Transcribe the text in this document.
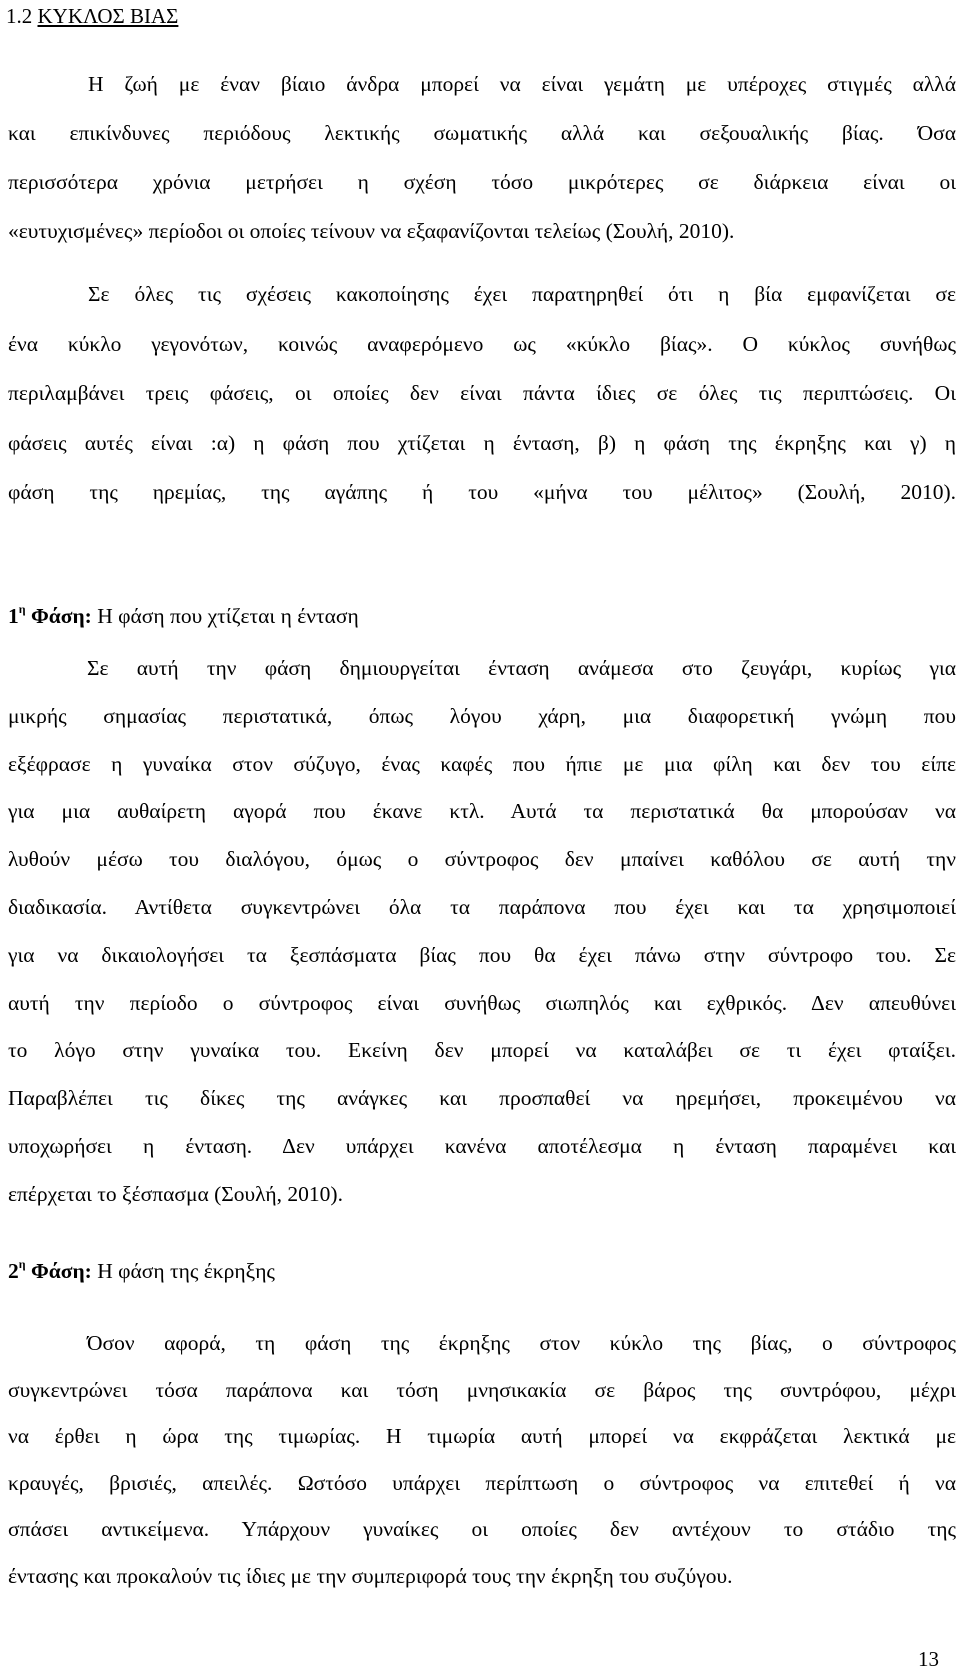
1.2 ΚΥΚΛΟΣ ΒΙΑΣ

Η ζωή με έναν βίαιο άνδρα μπορεί να είναι γεμάτη με υπέροχες στιγμές αλλά
και επικίνδυνες περιόδους λεκτικής σωματικής αλλά και σεξουαλικής βίας. Όσα
περισσότερα χρόνια μετρήσει η σχέση τόσο μικρότερες σε διάρκεια είναι οι
«ευτυχισμένες» περίοδοι οι οποίες τείνουν να εξαφανίζονται τελείως (Σουλή, 2010).

Σε όλες τις σχέσεις κακοποίησης έχει παρατηρηθεί ότι η βία εμφανίζεται σε
ένα κύκλο γεγονότων, κοινώς αναφερόμενο ως «κύκλο βίας». Ο κύκλος συνήθως
περιλαμβάνει τρεις φάσεις, οι οποίες δεν είναι πάντα ίδιες σε όλες τις περιπτώσεις. Οι
φάσεις αυτές είναι :α) η φάση που χτίζεται η ένταση, β) η φάση της έκρηξης και γ) η
φάση της ηρεμίας, της αγάπης ή του «μήνα του μέλιτος» (Σουλή, 2010).

$1^\eta$ Φάση: Η φάση που χτίζεται η ένταση

Σε αυτή την φάση δημιουργείται ένταση ανάμεσα στο ζευγάρι, κυρίως για
μικρής σημασίας περιστατικά, όπως λόγου χάρη, μια διαφορετική γνώμη που
εξέφρασε η γυναίκα στον σύζυγο, ένας καφές που ήπιε με μια φίλη και δεν του είπε
για μια αυθαίρετη αγορά που έκανε κτλ. Αυτά τα περιστατικά θα μπορούσαν να
λυθούν μέσω του διαλόγου, όμως ο σύντροφος δεν μπαίνει καθόλου σε αυτή την
διαδικασία. Αντίθετα συγκεντρώνει όλα τα παράπονα που έχει και τα χρησιμοποιεί
για να δικαιολογήσει τα ξεσπάσματα βίας που θα έχει πάνω στην σύντροφο του. Σε
αυτή την περίοδο ο σύντροφος είναι συνήθως σιωπηλός και εχθρικός. Δεν απευθύνει
το λόγο στην γυναίκα του. Εκείνη δεν μπορεί να καταλάβει σε τι έχει φταίξει.
Παραβλέπει τις δίκες της ανάγκες και προσπαθεί να ηρεμήσει, προκειμένου να
υποχωρήσει η ένταση. Δεν υπάρχει κανένα αποτέλεσμα η ένταση παραμένει και
επέρχεται το ξέσπασμα (Σουλή, 2010).

$2^\eta$ Φάση: Η φάση της έκρηξης

Όσον αφορά, τη φάση της έκρηξης στον κύκλο της βίας, ο σύντροφος
συγκεντρώνει τόσα παράπονα και τόση μνησικακία σε βάρος της συντρόφου, μέχρι
να έρθει η ώρα της τιμωρίας. Η τιμωρία αυτή μπορεί να εκφράζεται λεκτικά με
κραυγές, βρισιές, απειλές. Ωστόσο υπάρχει περίπτωση ο σύντροφος να επιτεθεί ή να
σπάσει αντικείμενα. Υπάρχουν γυναίκες οι οποίες δεν αντέχουν το στάδιο της
έντασης και προκαλούν τις ίδιες με την συμπεριφορά τους την έκρηξη του συζύγου.

13
